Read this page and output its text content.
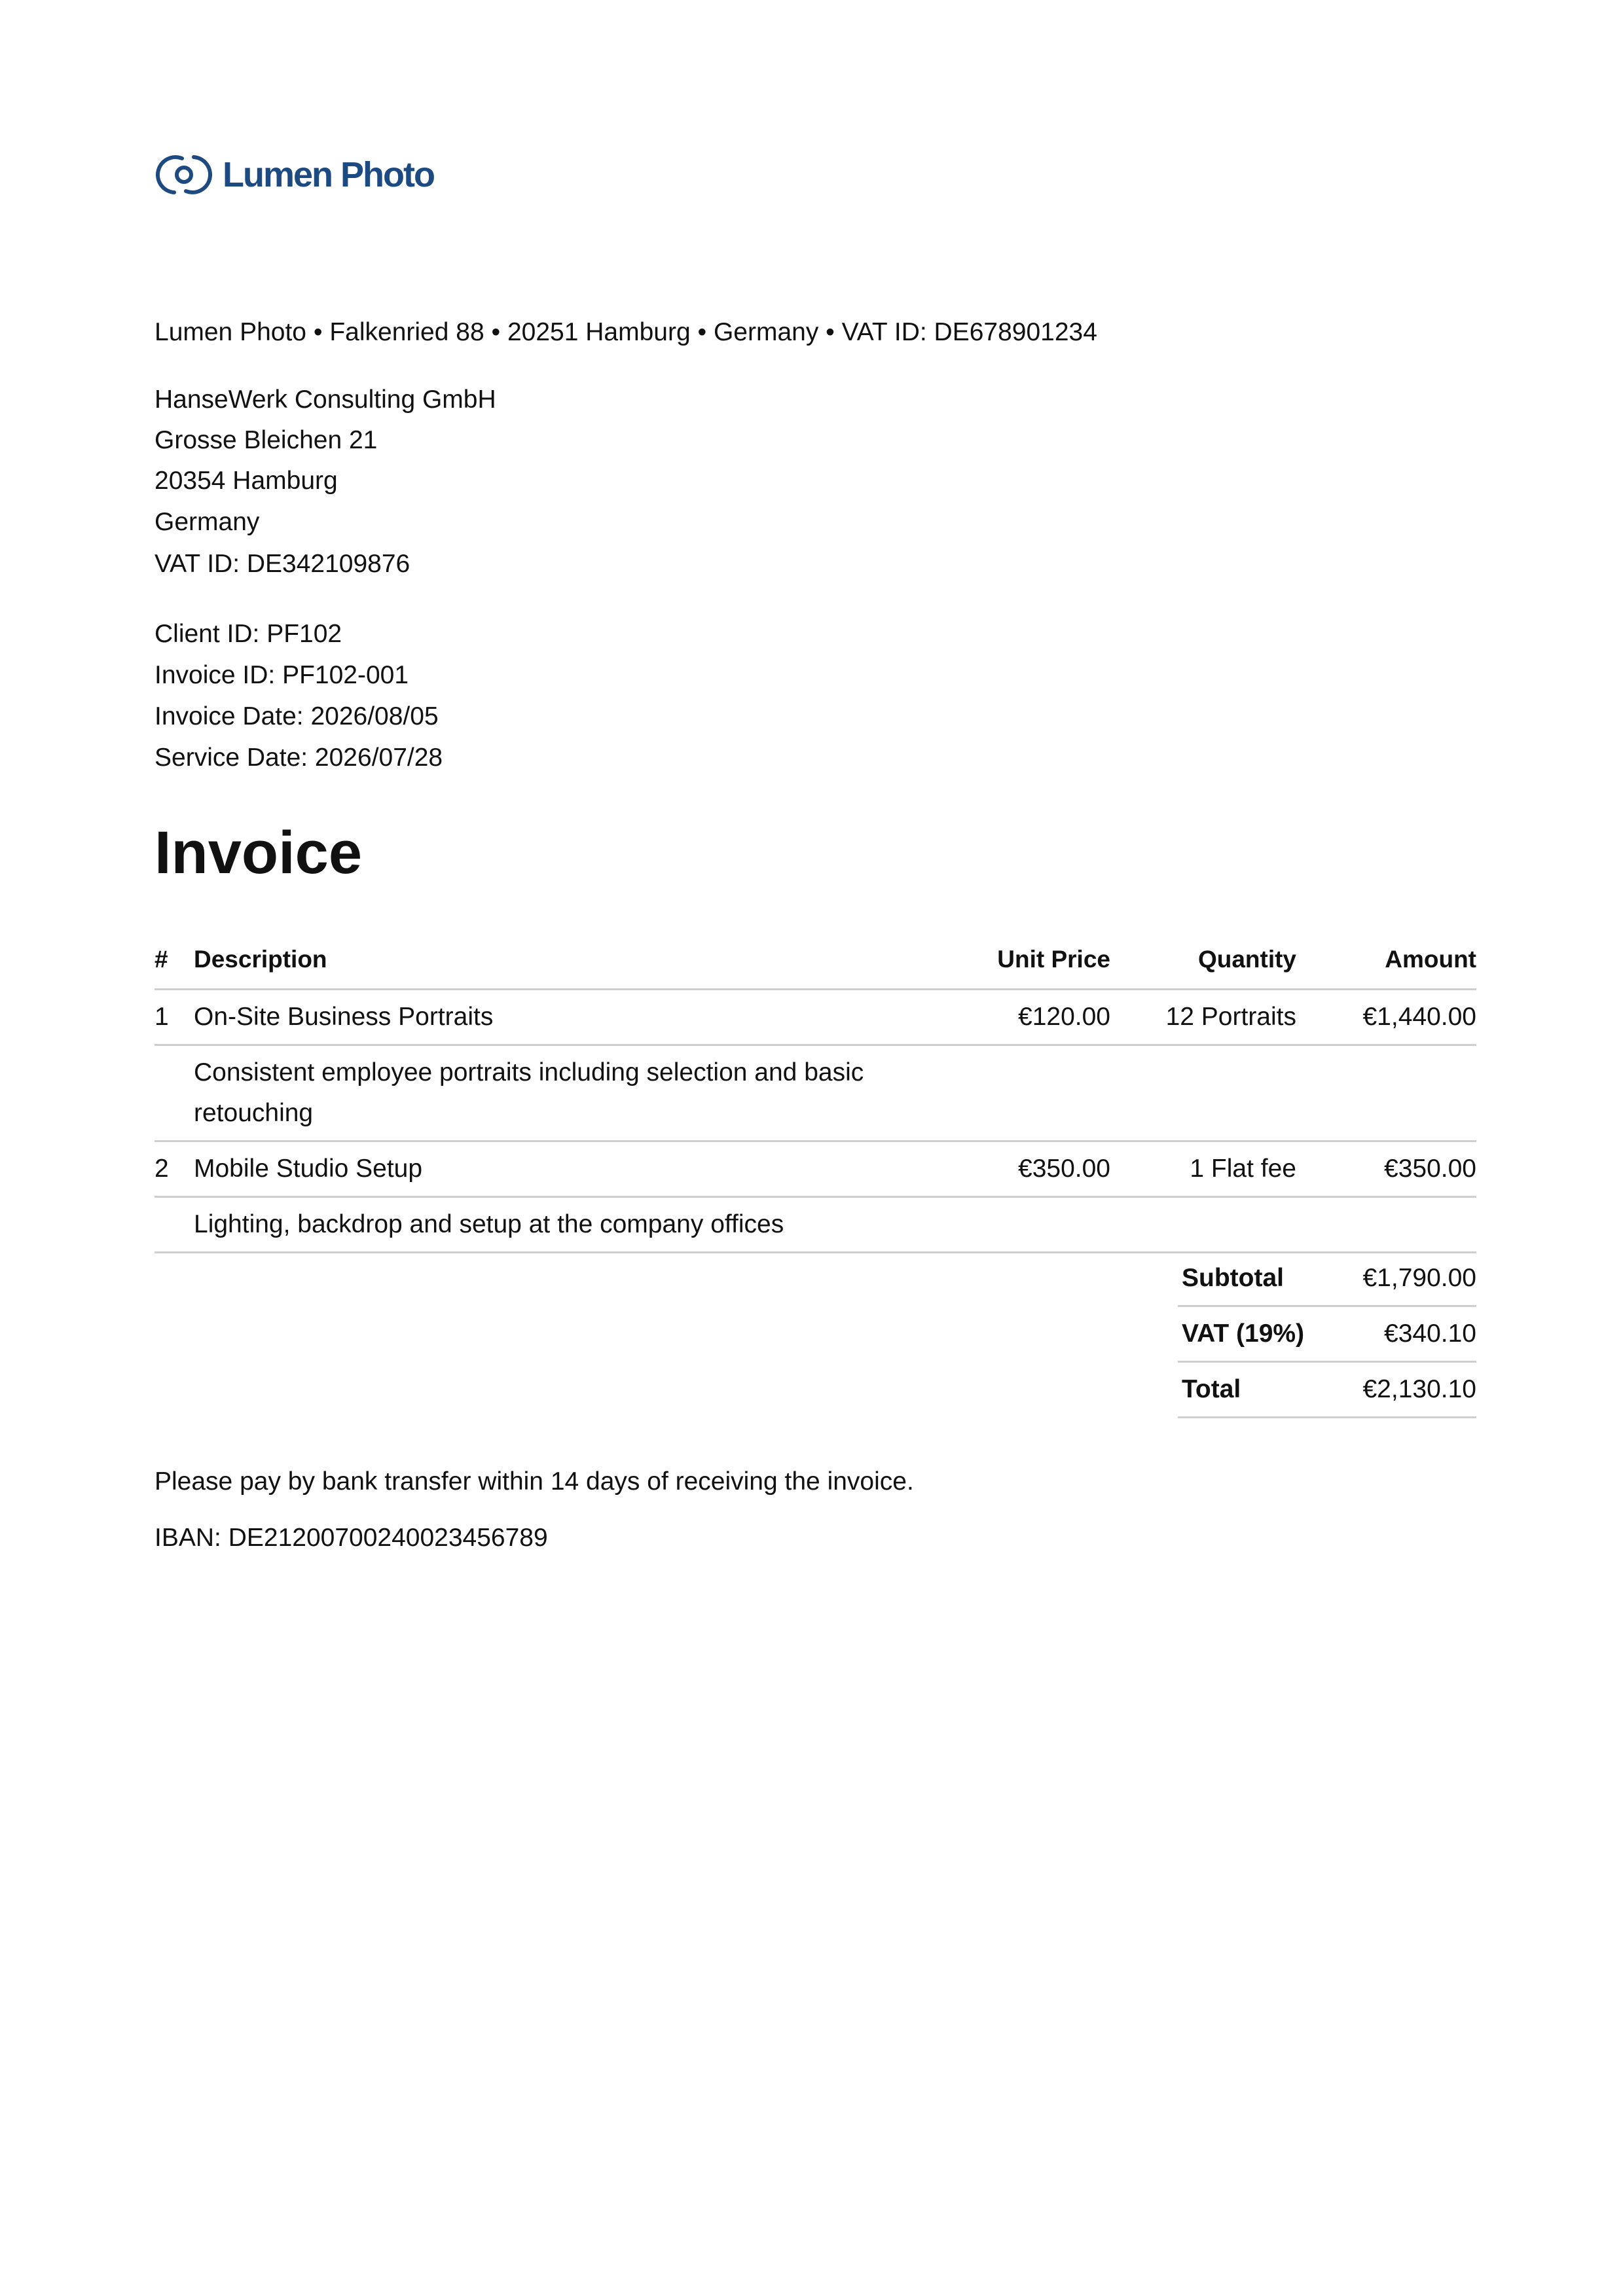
Lumen Photo
Lumen Photo • Falkenried 88 • 20251 Hamburg • Germany • VAT ID: DE678901234
HanseWerk Consulting GmbH
Grosse Bleichen 21
20354 Hamburg
Germany
VAT ID: DE342109876
Client ID: PF102
Invoice ID: PF102-001
Invoice Date: 2026/08/05
Service Date: 2026/07/28
Invoice
#	Description	Unit Price	Quantity	Amount
1	On-Site Business Portraits	€120.00	12 Portraits	€1,440.00
	Consistent employee portraits including selection and basic retouching			
2	Mobile Studio Setup	€350.00	1 Flat fee	€350.00
	Lighting, backdrop and setup at the company offices			
Subtotal	€1,790.00
VAT (19%)	€340.10
Total	€2,130.10
Please pay by bank transfer within 14 days of receiving the invoice.
IBAN: DE21200700240023456789
